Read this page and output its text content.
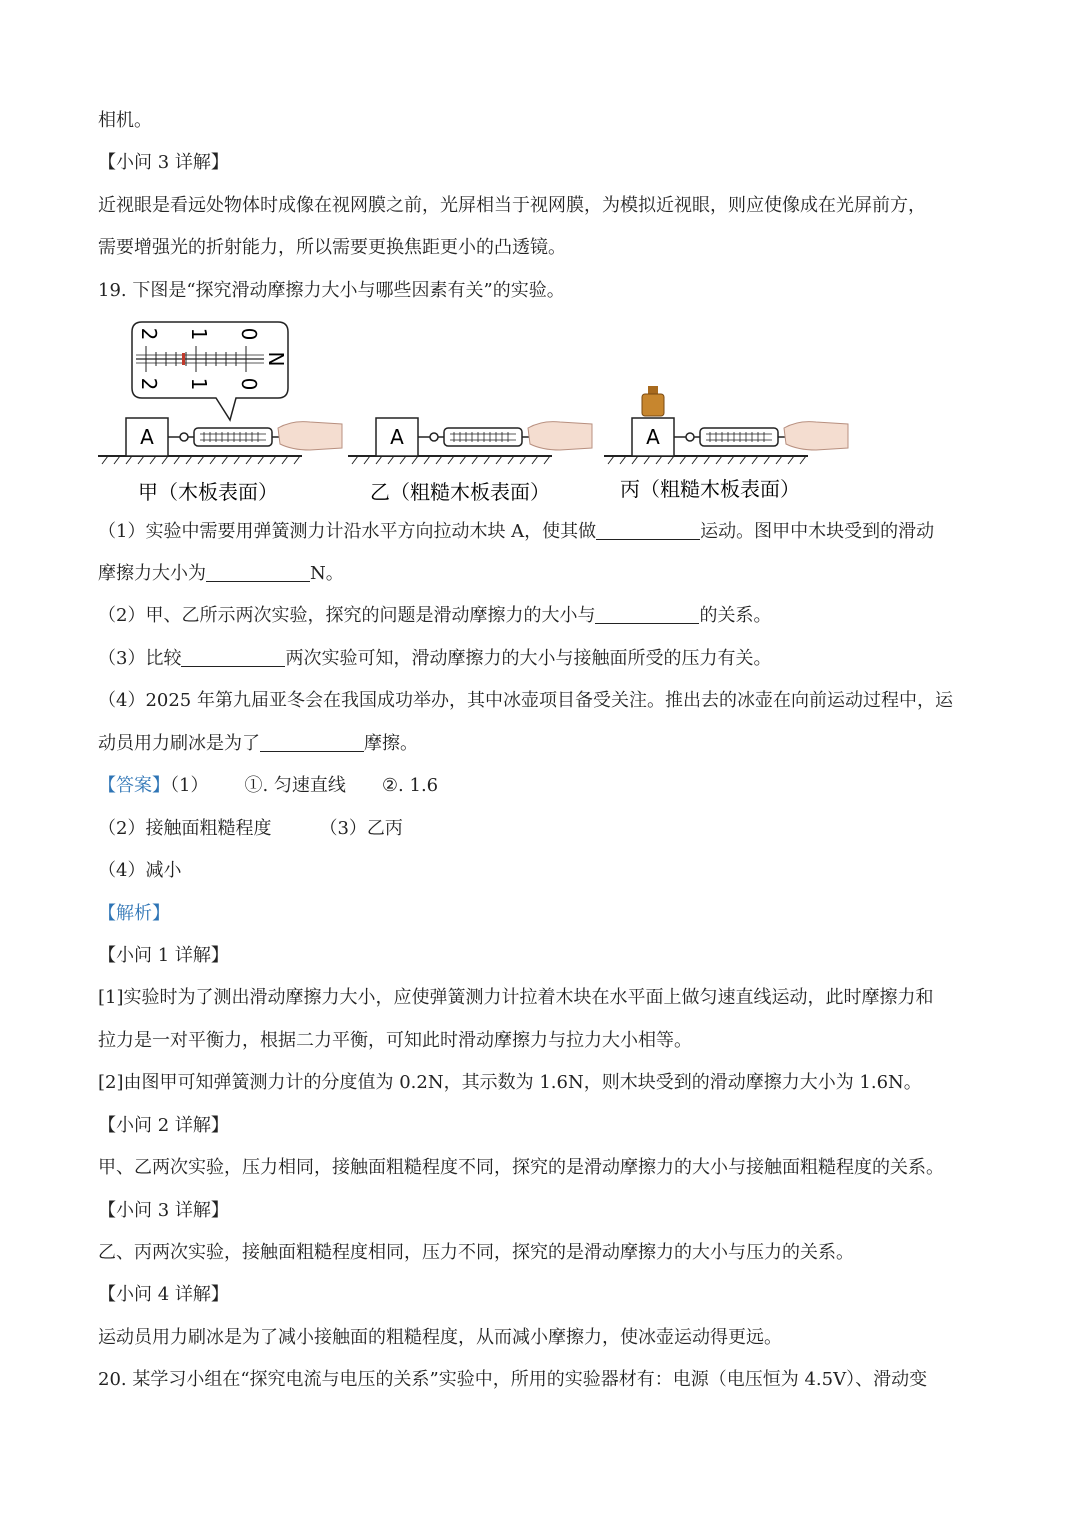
相机。
【小问 3 详解】
近视眼是看远处物体时成像在视网膜之前，光屏相当于视网膜，为模拟近视眼，则应使像成在光屏前方，
需要增强光的折射能力，所以需要更换焦距更小的凸透镜。
19. 下图是“探究滑动摩擦力大小与哪些因素有关”的实验。
0
1
2
0
1
2
N
A
甲（木板表面）
A
乙（粗糙木板表面）
A
丙（粗糙木板表面）
（1）实验中需要用弹簧测力计沿水平方向拉动木块 A，使其做	运动。图甲中木块受到的滑动
摩擦力大小为	N。
（2）甲、乙所示两次实验，探究的问题是滑动摩擦力的大小与	的关系。
（3）比较	两次实验可知，滑动摩擦力的大小与接触面所受的压力有关。
（4）2025 年第九届亚冬会在我国成功举办，其中冰壶项目备受关注。推出去的冰壶在向前运动过程中，运
动员用力刷冰是为了	摩擦。
【答案】（1） ①. 匀速直线 ②. 1.6
（2）接触面粗糙程度	（3）乙丙
（4）减小
【解析】
【小问 1 详解】
[1]实验时为了测出滑动摩擦力大小，应使弹簧测力计拉着木块在水平面上做匀速直线运动，此时摩擦力和
拉力是一对平衡力，根据二力平衡，可知此时滑动摩擦力与拉力大小相等。
[2]由图甲可知弹簧测力计的分度值为 0.2N，其示数为 1.6N，则木块受到的滑动摩擦力大小为 1.6N。
【小问 2 详解】
甲、乙两次实验，压力相同，接触面粗糙程度不同，探究的是滑动摩擦力的大小与接触面粗糙程度的关系。
【小问 3 详解】
乙、丙两次实验，接触面粗糙程度相同，压力不同，探究的是滑动摩擦力的大小与压力的关系。
【小问 4 详解】
运动员用力刷冰是为了减小接触面的粗糙程度，从而减小摩擦力，使冰壶运动得更远。
20. 某学习小组在“探究电流与电压的关系”实验中，所用的实验器材有：电源（电压恒为 4.5V）、滑动变
